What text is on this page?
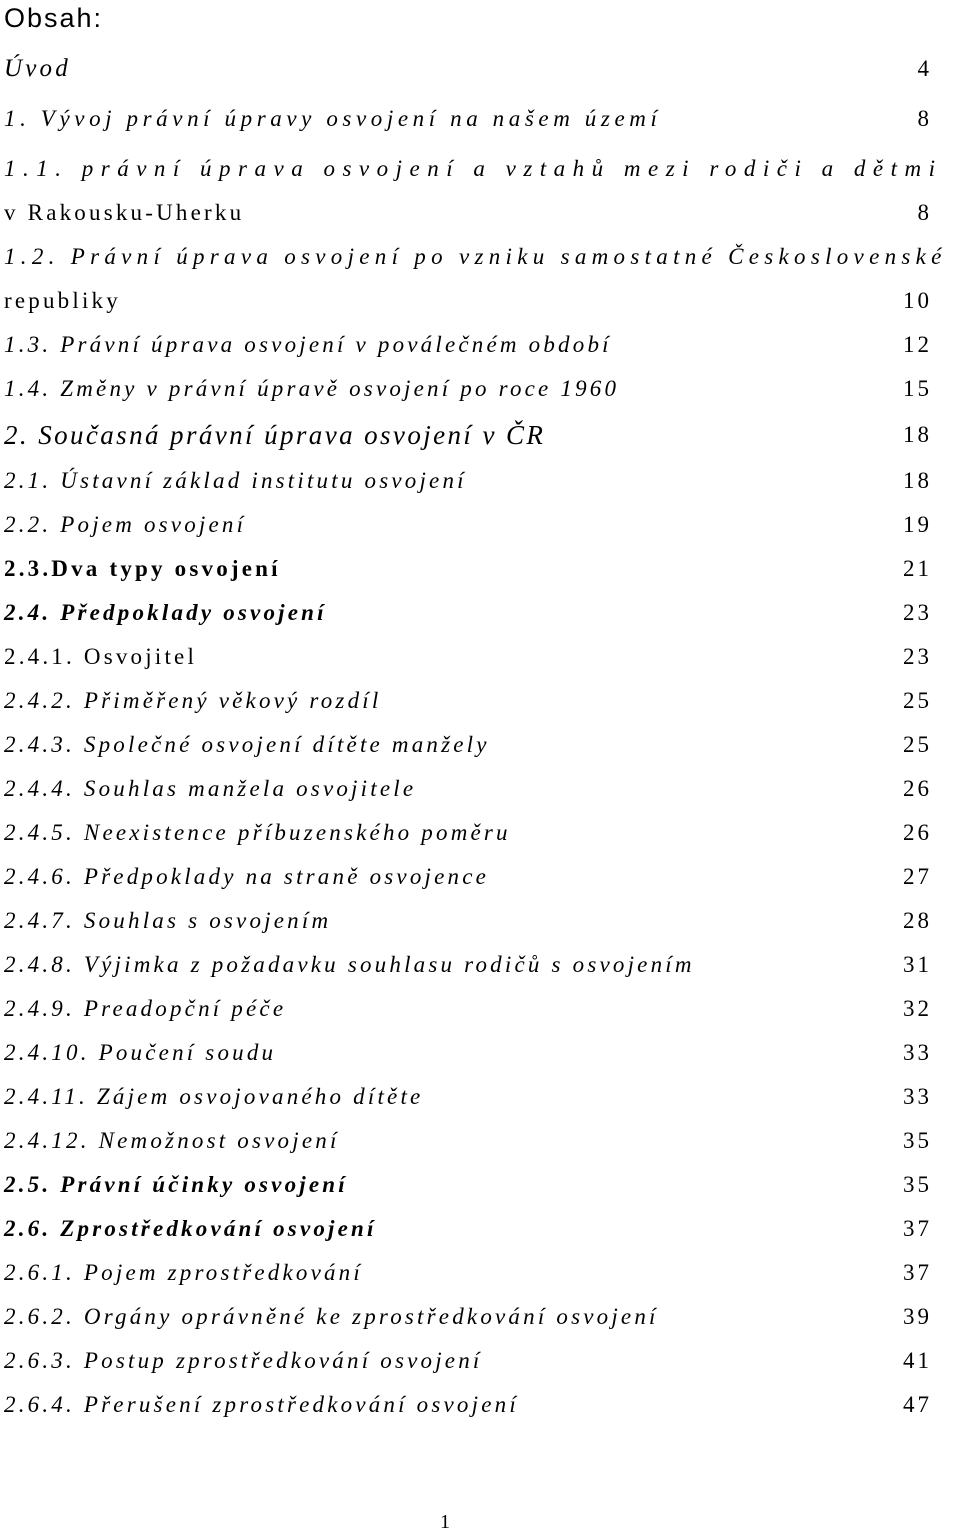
Obsah:
Úvod	4
1. Vývoj právní úpravy osvojení na našem území	8
1.1. právní úprava osvojení a vztahů mezi rodiči a dětmi
v Rakousku-Uherku	8
1.2. Právní úprava osvojení po vzniku samostatné Československé
republiky	10
1.3. Právní úprava osvojení v poválečném období	12
1.4. Změny v právní úpravě osvojení po roce 1960	15
2. Současná právní úprava osvojení v ČR	18
2.1. Ústavní základ institutu osvojení	18
2.2. Pojem osvojení	19
2.3.Dva typy osvojení	21
2.4. Předpoklady osvojení	23
2.4.1. Osvojitel	23
2.4.2. Přiměřený věkový rozdíl	25
2.4.3. Společné osvojení dítěte manžely	25
2.4.4. Souhlas manžela osvojitele	26
2.4.5. Neexistence příbuzenského poměru	26
2.4.6. Předpoklady na straně osvojence	27
2.4.7. Souhlas s osvojením	28
2.4.8. Výjimka z požadavku souhlasu rodičů s osvojením	31
2.4.9. Preadopční péče	32
2.4.10. Poučení soudu	33
2.4.11. Zájem osvojovaného dítěte	33
2.4.12. Nemožnost osvojení	35
2.5. Právní účinky osvojení	35
2.6. Zprostředkování osvojení	37
2.6.1. Pojem zprostředkování	37
2.6.2. Orgány oprávněné ke zprostředkování osvojení	39
2.6.3. Postup zprostředkování osvojení	41
2.6.4. Přerušení zprostředkování osvojení	47
1
